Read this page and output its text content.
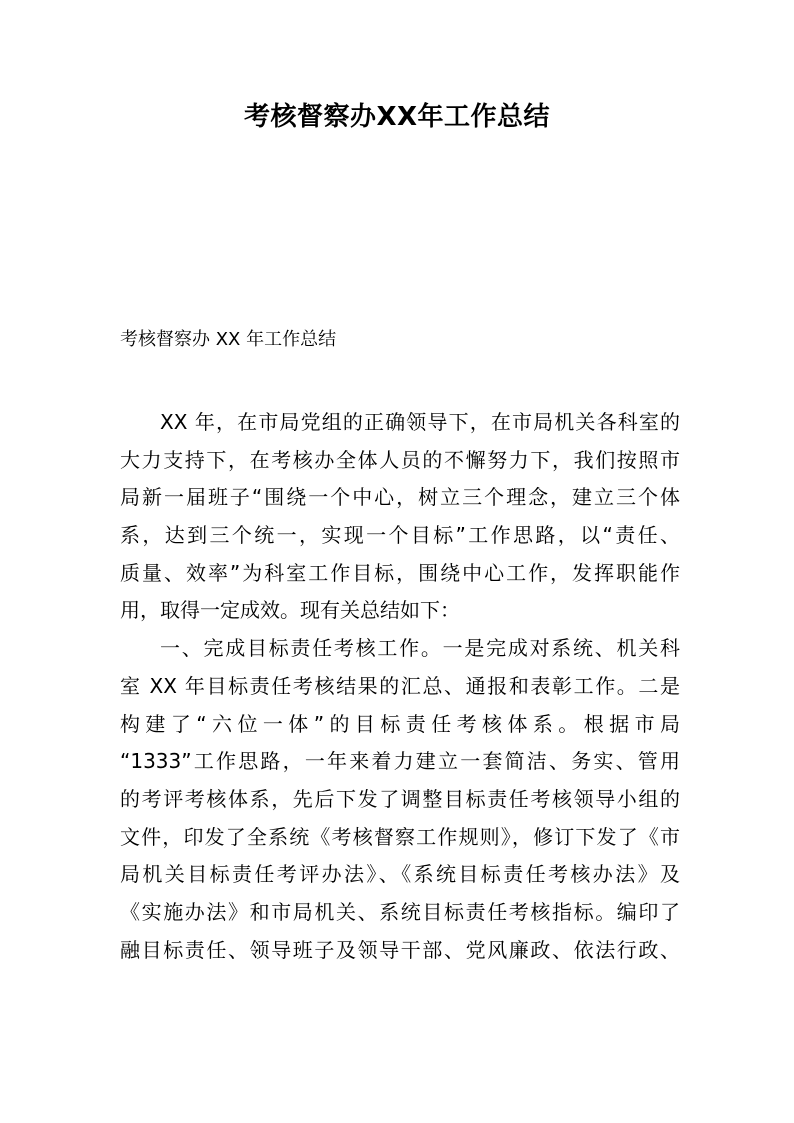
考核督察办XX年工作总结

考核督察办 XX 年工作总结

XX 年，在市局党组的正确领导下，在市局机关各科室的
大力支持下，在考核办全体人员的不懈努力下，我们按照市
局新一届班子“围绕一个中心，树立三个理念，建立三个体
系，达到三个统一，实现一个目标”工作思路，以“责任、
质量、效率”为科室工作目标，围绕中心工作，发挥职能作
用，取得一定成效。现有关总结如下：
一、完成目标责任考核工作。一是完成对系统、机关科
室 XX 年目标责任考核结果的汇总、通报和表彰工作。二是
构建了“六位一体”的目标责任考核体系。根据市局
“1333”工作思路，一年来着力建立一套简洁、务实、管用
的考评考核体系，先后下发了调整目标责任考核领导小组的
文件，印发了全系统《考核督察工作规则》，修订下发了《市
局机关目标责任考评办法》、《系统目标责任考核办法》及
《实施办法》和市局机关、系统目标责任考核指标。编印了
融目标责任、领导班子及领导干部、党风廉政、依法行政、
